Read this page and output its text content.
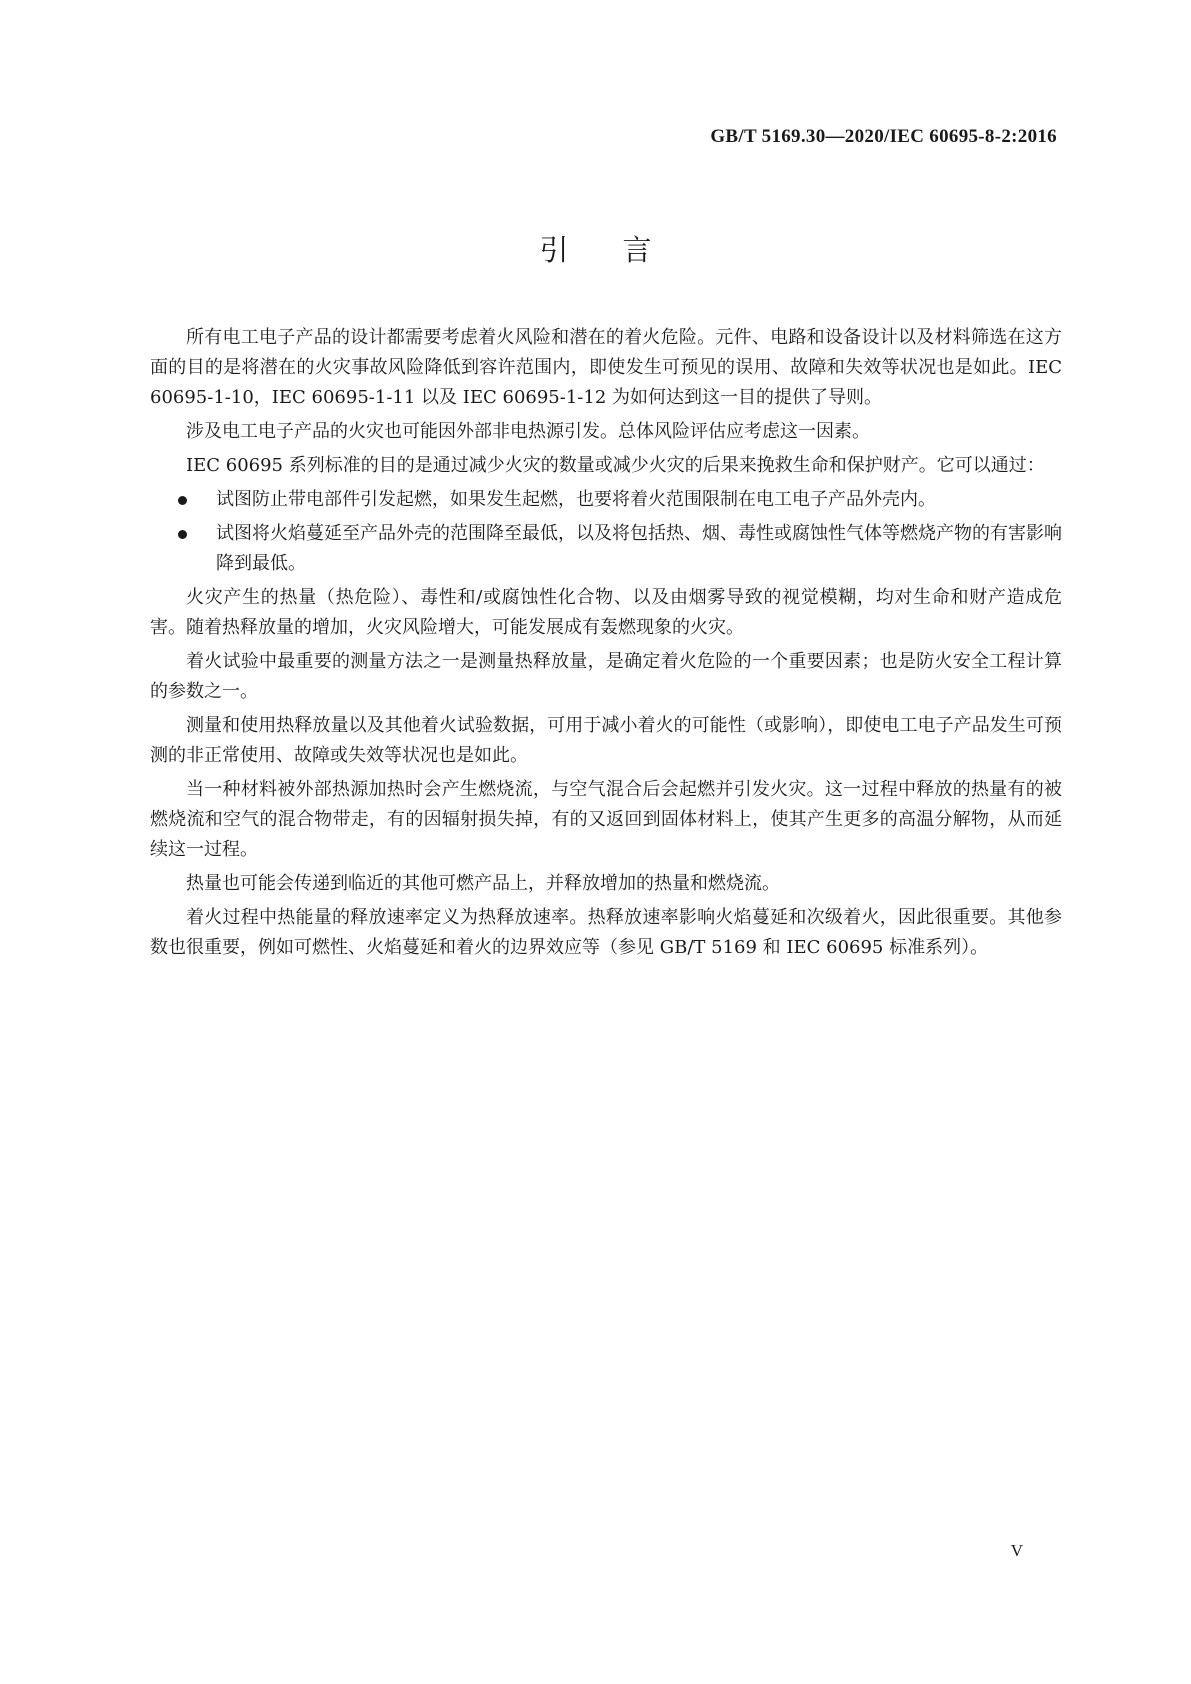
GB/T 5169.30—2020/IEC 60695-8-2:2016
引言

所有电工电子产品的设计都需要考虑着火风险和潜在的着火危险。元件、电路和设备设计以及材料筛选在这方面的目的是将潜在的火灾事故风险降低到容许范围内，即使发生可预见的误用、故障和失效等状况也是如此。IEC 60695-1-10，IEC 60695-1-11 以及 IEC 60695-1-12 为如何达到这一目的提供了导则。

涉及电工电子产品的火灾也可能因外部非电热源引发。总体风险评估应考虑这一因素。

IEC 60695 系列标准的目的是通过减少火灾的数量或减少火灾的后果来挽救生命和保护财产。它可以通过：

试图防止带电部件引发起燃，如果发生起燃，也要将着火范围限制在电工电子产品外壳内。
试图将火焰蔓延至产品外壳的范围降至最低，以及将包括热、烟、毒性或腐蚀性气体等燃烧产物的有害影响降到最低。

火灾产生的热量（热危险）、毒性和/或腐蚀性化合物、以及由烟雾导致的视觉模糊，均对生命和财产造成危害。随着热释放量的增加，火灾风险增大，可能发展成有轰燃现象的火灾。

着火试验中最重要的测量方法之一是测量热释放量，是确定着火危险的一个重要因素；也是防火安全工程计算的参数之一。

测量和使用热释放量以及其他着火试验数据，可用于减小着火的可能性（或影响），即使电工电子产品发生可预测的非正常使用、故障或失效等状况也是如此。

当一种材料被外部热源加热时会产生燃烧流，与空气混合后会起燃并引发火灾。这一过程中释放的热量有的被燃烧流和空气的混合物带走，有的因辐射损失掉，有的又返回到固体材料上，使其产生更多的高温分解物，从而延续这一过程。

热量也可能会传递到临近的其他可燃产品上，并释放增加的热量和燃烧流。

着火过程中热能量的释放速率定义为热释放速率。热释放速率影响火焰蔓延和次级着火，因此很重要。其他参数也很重要，例如可燃性、火焰蔓延和着火的边界效应等（参见 GB/T 5169 和 IEC 60695 标准系列）。

V
